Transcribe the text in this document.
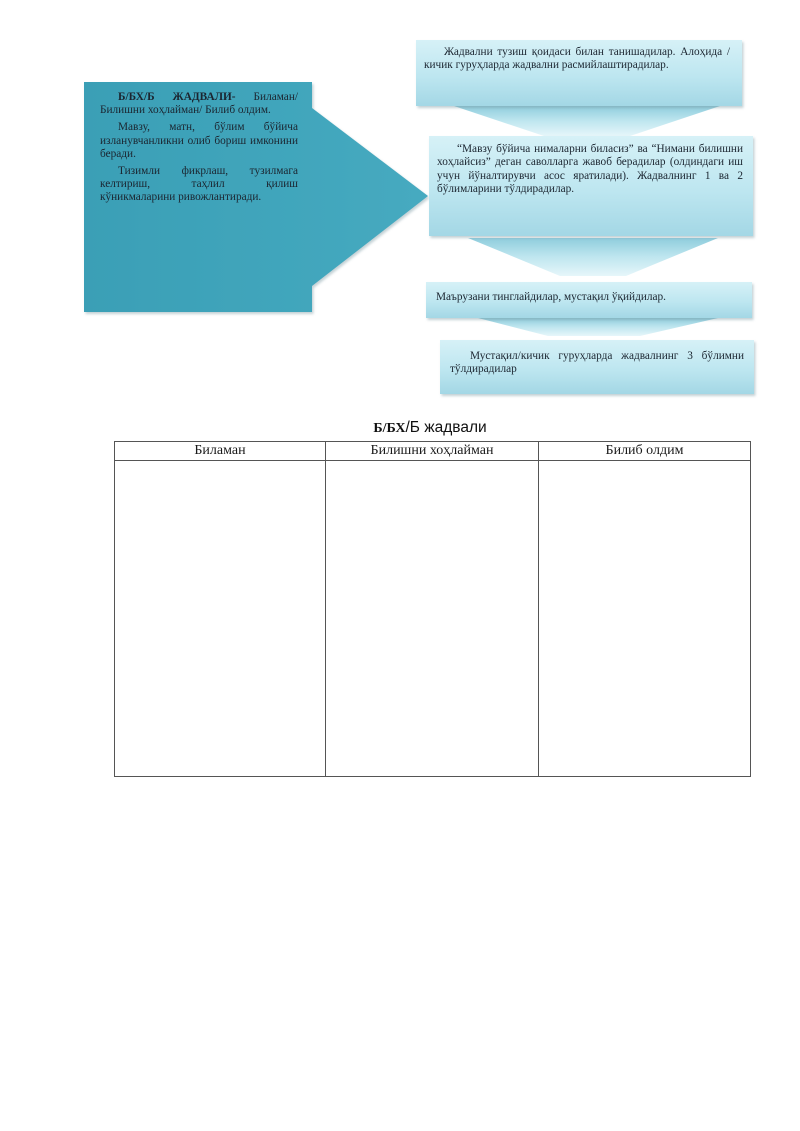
Б/БХ/Б ЖАДВАЛИ- Биламан/ Билишни хоҳлайман/ Билиб олдим.

Мавзу, матн, бўлим бўйича изланувчанликни олиб бориш имконини беради.

Тизимли фикрлаш, тузилмага келтириш, таҳлил қилиш кўникмаларини ривожлантиради.

Жадвални тузиш қоидаси билан танишадилар. Алоҳида /кичик гуруҳларда жадвални расмийлаштирадилар.
“Мавзу бўйича нималарни биласиз” ва “Нимани билишни хоҳлайсиз” деган саволларга жавоб берадилар (олдиндаги иш учун йўналтирувчи асос яратилади). Жадвалнинг 1 ва 2 бўлимларини тўлдирадилар.
Маърузани тинглайдилар, мустақил ўқийдилар.
Мустақил/кичик гуруҳларда жадвалнинг 3 бўлимни тўлдирадилар
Б/БХ/Б жадвали
Биламан	Билишни хоҳлайман	Билиб олдим
